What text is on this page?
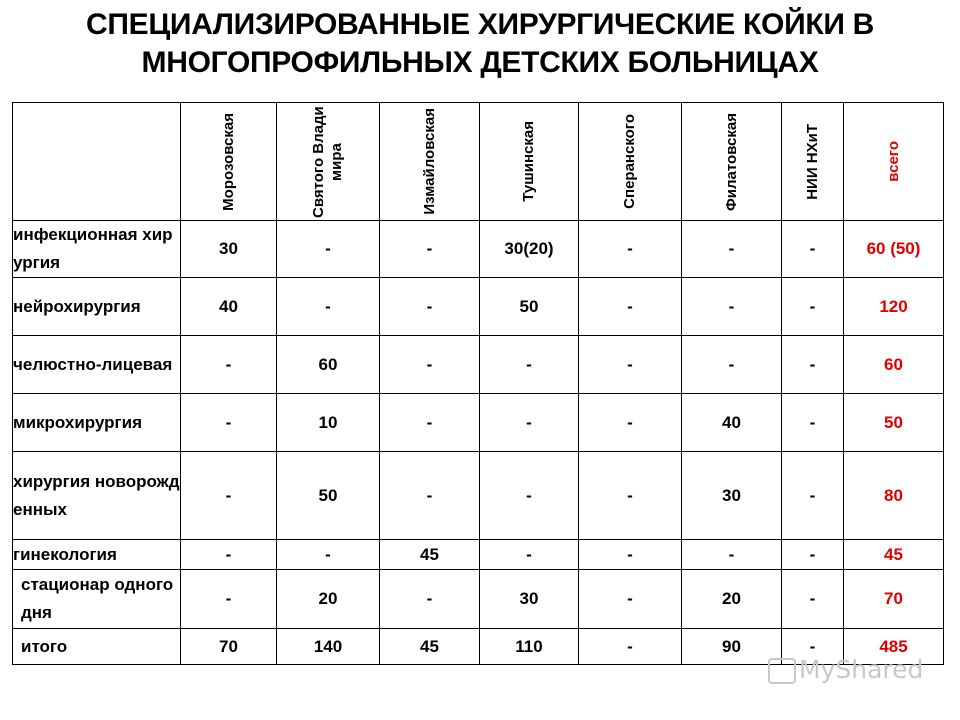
СПЕЦИАЛИЗИРОВАННЫЕ ХИРУРГИЧЕСКИЕ КОЙКИ В
МНОГОПРОФИЛЬНЫХ ДЕТСКИХ БОЛЬНИЦАХ

	Морозовская	Святого Владимира	Измайловская	Тушинская	Сперанского	Филатовская	НИИ НХиТ	всего

инфекционная хирургия	30	-	-	30(20)	-	-	-	60 (50)
нейрохирургия	40	-	-	50	-	-	-	120
челюстно-лицевая	-	60	-	-	-	-	-	60
микрохирургия	-	10	-	-	-	40	-	50
хирургия новорожденных	-	50	-	-	-	30	-	80
гинекология	-	-	45	-	-	-	-	45
стационар одного дня	-	20	-	30	-	20	-	70
итого	70	140	45	110	-	90	-	485
MyShared
